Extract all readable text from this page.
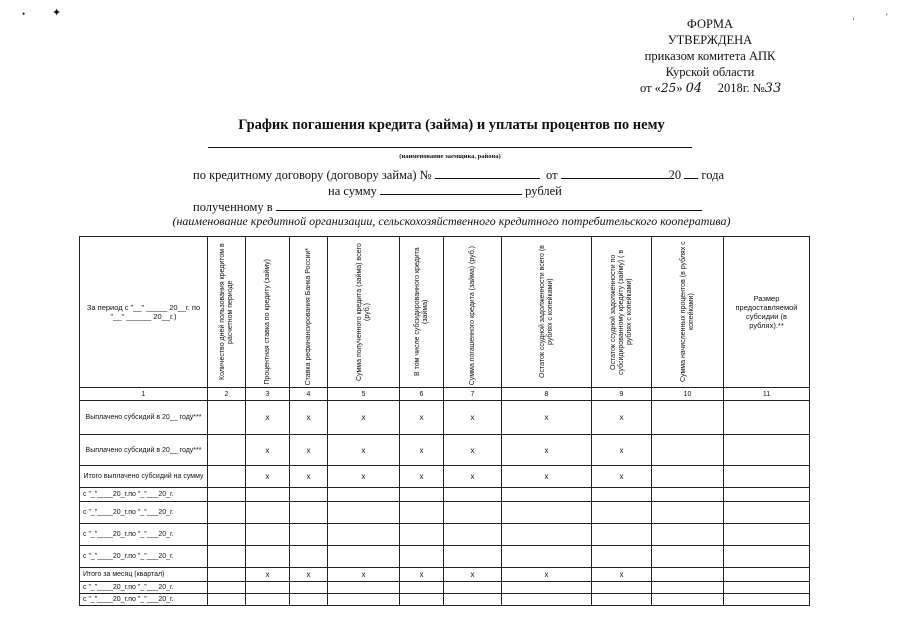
• ✦	·	'
ФОРМА
УТВЕРЖДЕНА
приказом комитета АПК
Курской области
от «25» 04 2018г. №33
График погашения кредита (займа) и уплаты процентов по нему
(наименование заемщика, района)
по кредитному договору (договору займа) №	от	20 года
на сумму	рублей
полученному в
(наименование кредитной организации, сельскохозяйственного кредитного потребительского кооператива)
За период с "__" _____ 20__г. по "__" ______ 20__г.)	Количество дней пользования кредитом в расчетном периоде	Процентная ставка по кредиту (займу)	Ставка рефинансирования Банка России*	Сумма полученного кредита (займа) всего (руб.)	В том числе субсидированного кредита (займа)	Сумма погашенного кредита (займа) (руб.)	Остаток ссудной задолженности всего (в рублях с копейками)	Остаток ссудной задолженности по субсидированному кредиту (займу) ( в рублях с копейками)	Сумма начисленных процентов (в рублях с копейками)	Размер предоставляемой субсидии (в рублях).**
1	2	3	4	5	6	7	8	9	10	11
Выплачено субсидий в 20__ году***		x	x	x	x	x	x	x		
Выплачено субсидий в 20__ году***		x	x	x	x	x	x	x		
Итого выплачено субсидий на сумму		x	x	x	x	x	x	x		
с "_"____20_г.по "_"___20_г.										
с "_"____20_г.по "_"___20_г.										
с "_"____20_г.по "_"___20_г.										
с "_"____20_г.по "_"___20_г.										
Итого за месяц (квартал)		x	x	x	x	x	x	x		
с "_"____20_г.по "_"___20_г.										
с "_"____20_г.по "_"___20_г.										
